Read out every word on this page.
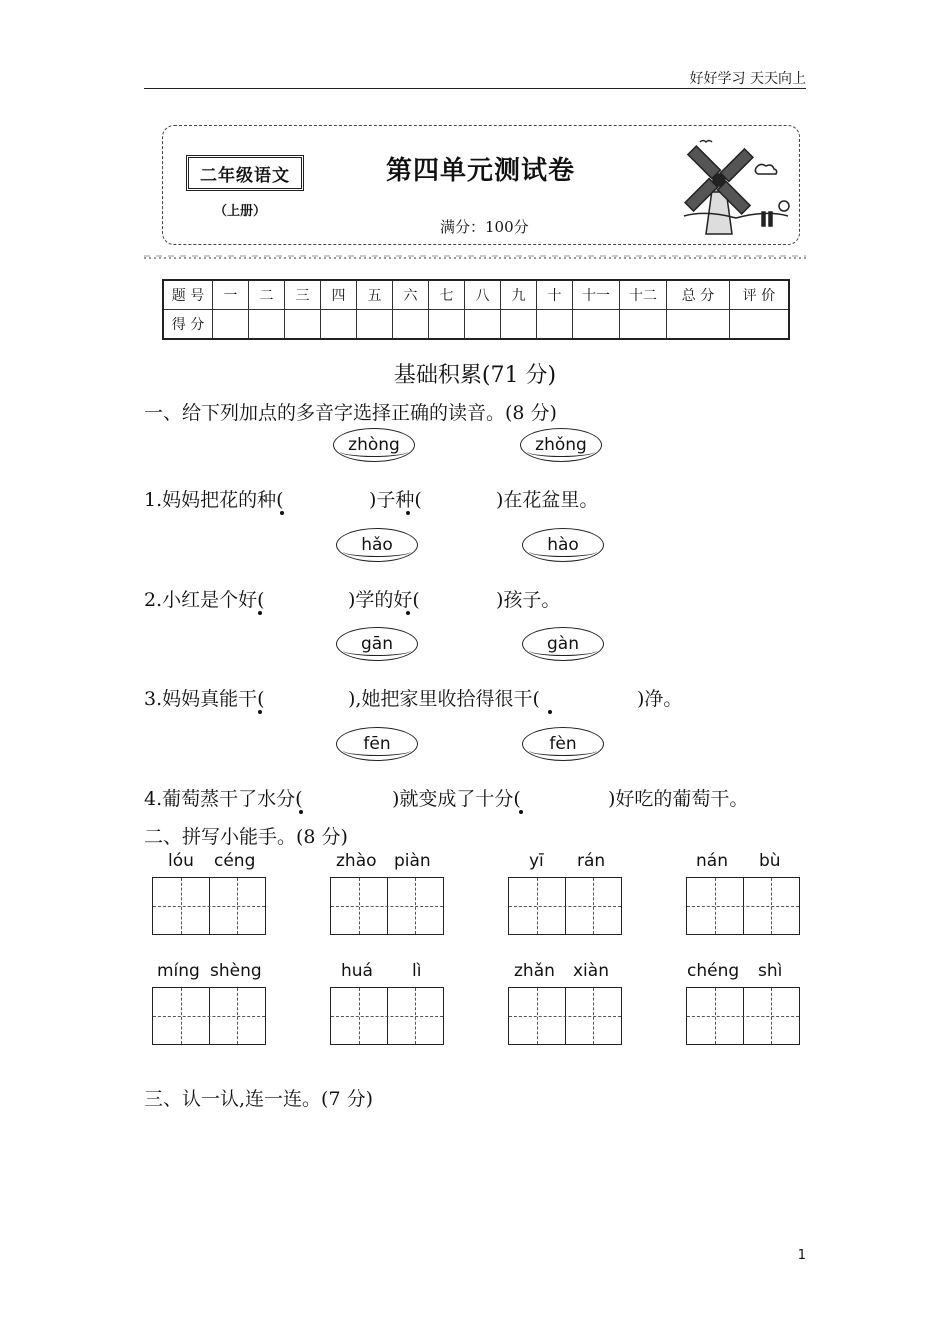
好好学习 天天向上
二年级语文
（上册）
第四单元测试卷
满分：100分
题 号	一	二	三	四	五	六	七	八	九	十	十一	十二	总 分	评 价
得 分														
基础积累(71 分)
一、给下列加点的多音字选择正确的读音。(8 分)
zhòng	zhǒng
1.妈妈把花的种(	)子种(	)在花盆里。
hǎo	hào
2.小红是个好(	)学的好(	)孩子。
gān	gàn
3.妈妈真能干(	),她把家里收拾得很干(	)净。
fēn	fèn
4.葡萄蒸干了水分(	)就变成了十分(	)好吃的葡萄干。
二、拼写小能手。(8 分)
lóu céng	zhào piàn	yī rán	nán bù
míng shèng	huá lì	zhǎn xiàn	chéng shì
三、认一认,连一连。(7 分)
1
